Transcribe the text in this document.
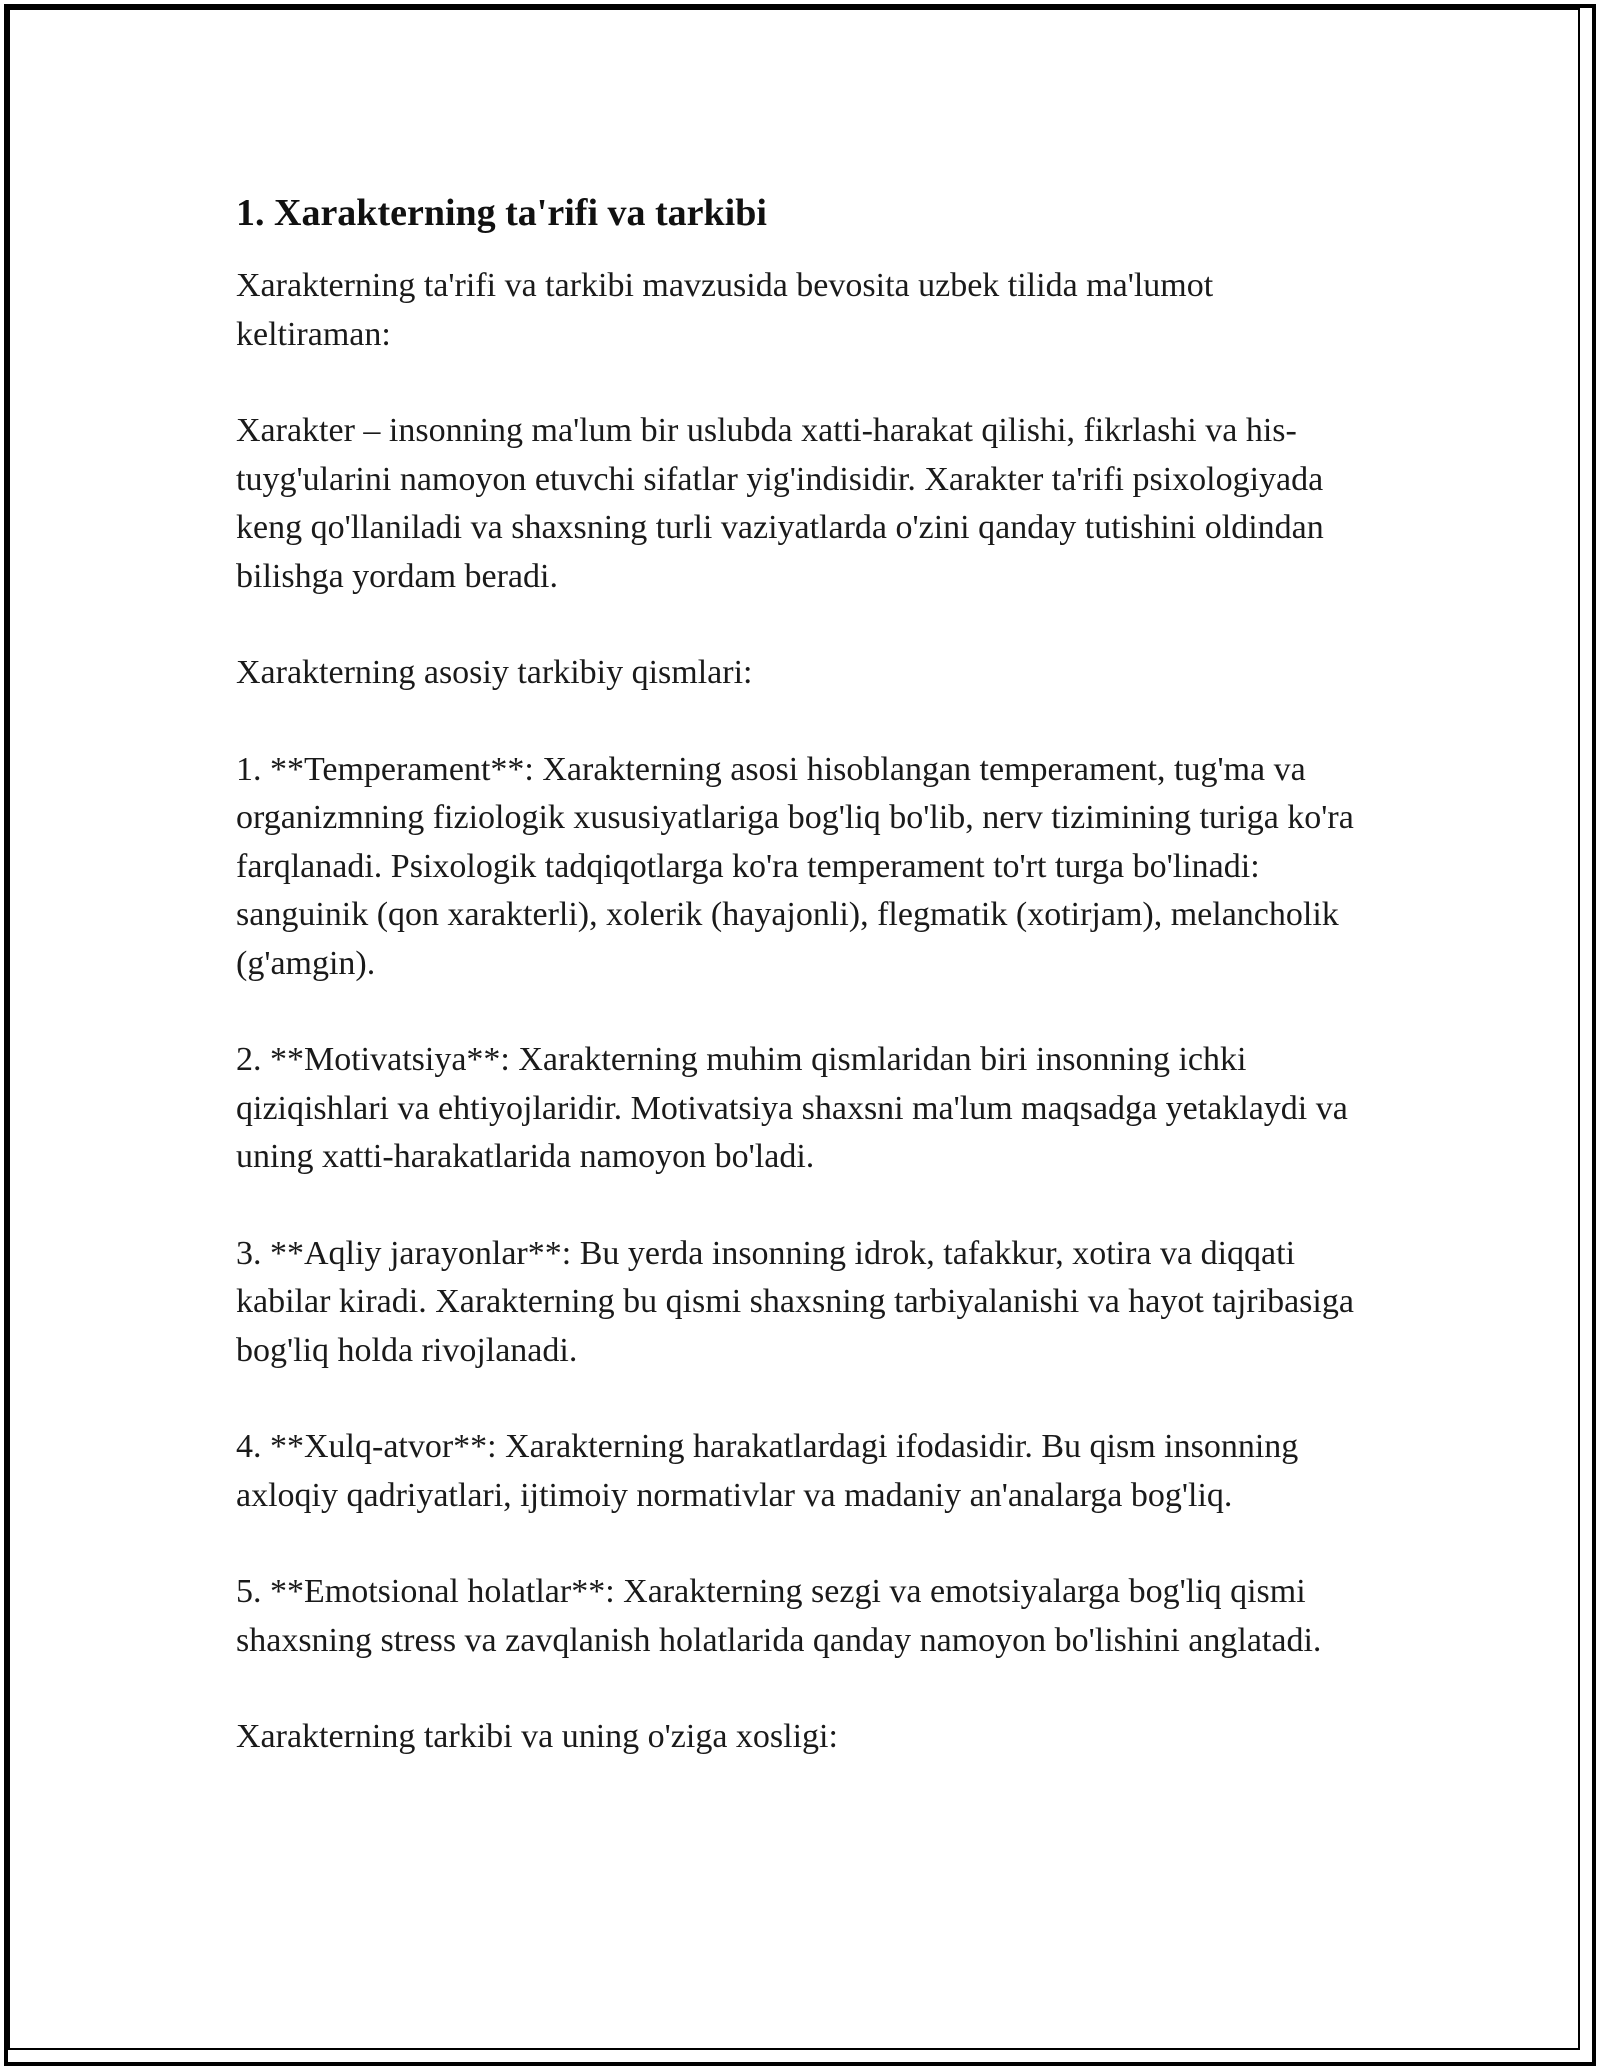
1. Xarakterning ta'rifi va tarkibi

Xarakterning ta'rifi va tarkibi mavzusida bevosita uzbek tilida ma'lumot keltiraman:

Xarakter – insonning ma'lum bir uslubda xatti-harakat qilishi, fikrlashi va his-tuyg'ularini namoyon etuvchi sifatlar yig'indisidir. Xarakter ta'rifi psixologiyada keng qo'llaniladi va shaxsning turli vaziyatlarda o'zini qanday tutishini oldindan bilishga yordam beradi.

Xarakterning asosiy tarkibiy qismlari:

1. **Temperament**: Xarakterning asosi hisoblangan temperament, tug'ma va organizmning fiziologik xususiyatlariga bog'liq bo'lib, nerv tizimining turiga ko'ra farqlanadi. Psixologik tadqiqotlarga ko'ra temperament to'rt turga bo'linadi: sanguinik (qon xarakterli), xolerik (hayajonli), flegmatik (xotirjam), melancholik (g'amgin).

2. **Motivatsiya**: Xarakterning muhim qismlaridan biri insonning ichki qiziqishlari va ehtiyojlaridir. Motivatsiya shaxsni ma'lum maqsadga yetaklaydi va uning xatti-harakatlarida namoyon bo'ladi.

3. **Aqliy jarayonlar**: Bu yerda insonning idrok, tafakkur, xotira va diqqati kabilar kiradi. Xarakterning bu qismi shaxsning tarbiyalanishi va hayot tajribasiga bog'liq holda rivojlanadi.

4. **Xulq-atvor**: Xarakterning harakatlardagi ifodasidir. Bu qism insonning axloqiy qadriyatlari, ijtimoiy normativlar va madaniy an'analarga bog'liq.

5. **Emotsional holatlar**: Xarakterning sezgi va emotsiyalarga bog'liq qismi shaxsning stress va zavqlanish holatlarida qanday namoyon bo'lishini anglatadi.

Xarakterning tarkibi va uning o'ziga xosligi:
